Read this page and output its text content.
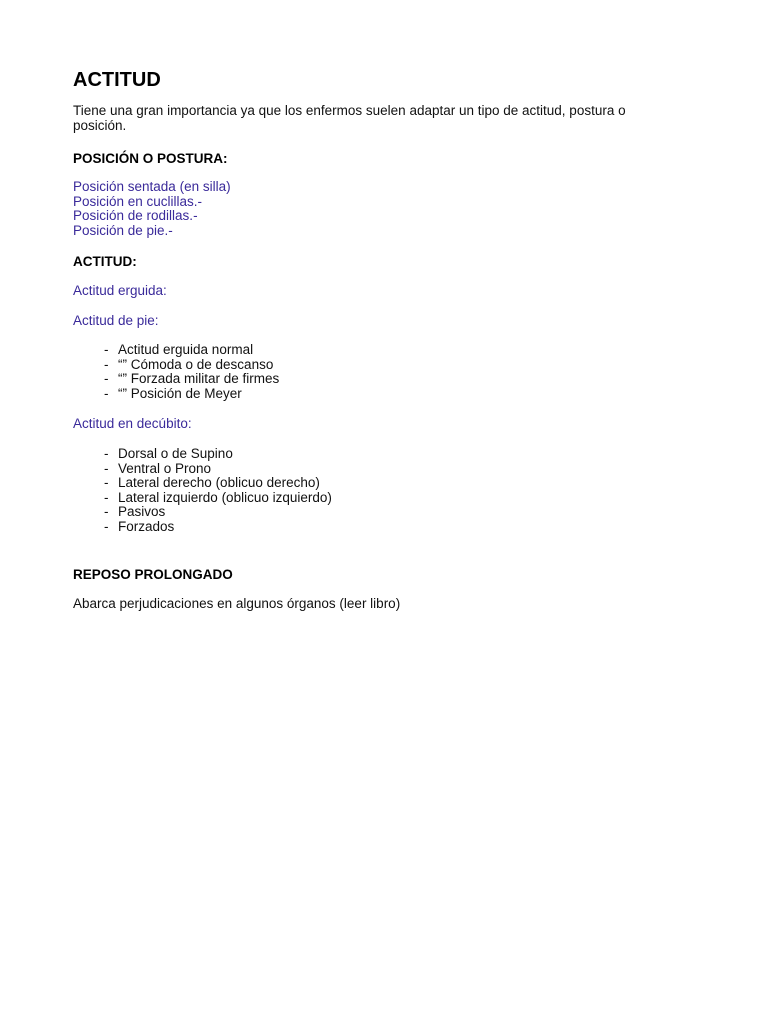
ACTITUD

Tiene una gran importancia ya que los enfermos suelen adaptar un tipo de actitud, postura o posición.

POSICIÓN O POSTURA:
Posición sentada (en silla)
Posición en cuclillas.-
Posición de rodillas.-
Posición de pie.-
ACTITUD:
Actitud erguida:
Actitud de pie:
- Actitud erguida normal
- “” Cómoda o de descanso
- “” Forzada militar de firmes
- “” Posición de Meyer
Actitud en decúbito:
- Dorsal o de Supino
- Ventral o Prono
- Lateral derecho (oblicuo derecho)
- Lateral izquierdo (oblicuo izquierdo)
- Pasivos
- Forzados
REPOSO PROLONGADO

Abarca perjudicaciones en algunos órganos (leer libro)
